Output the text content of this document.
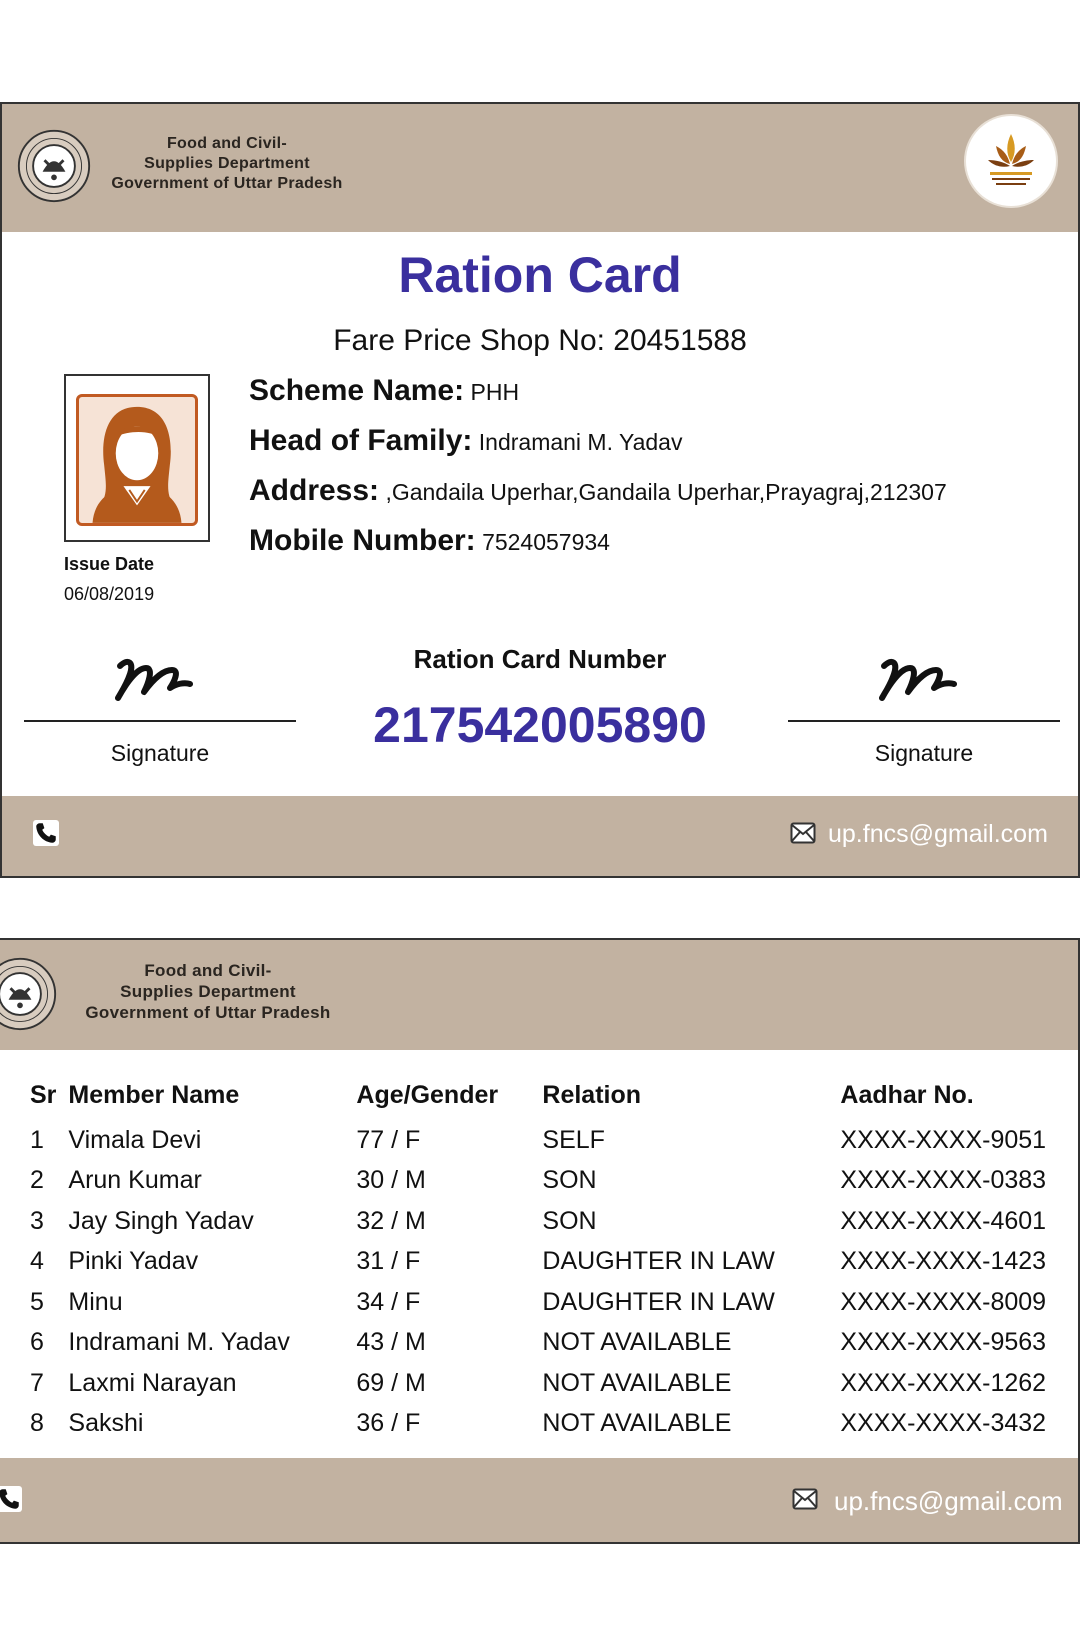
Food and Civil-
Supplies Department
Government of Uttar Pradesh
Ration Card
Fare Price Shop No: 20451588
Issue Date
06/08/2019
Scheme Name: PHH
Head of Family: Indramani M. Yadav
Address: ,Gandaila Uperhar,Gandaila Uperhar,Prayagraj,212307
Mobile Number: 7524057934
Signature
Ration Card Number
217542005890	Signature
up.fncs@gmail.com
Food and Civil-
Supplies Department
Government of Uttar Pradesh
Sr	Member Name	Age/Gender	Relation	Aadhar No.
1	Vimala Devi	77 / F	SELF	XXXX-XXXX-9051
2	Arun Kumar	30 / M	SON	XXXX-XXXX-0383
3	Jay Singh Yadav	32 / M	SON	XXXX-XXXX-4601
4	Pinki Yadav	31 / F	DAUGHTER IN LAW	XXXX-XXXX-1423
5	Minu	34 / F	DAUGHTER IN LAW	XXXX-XXXX-8009
6	Indramani M. Yadav	43 / M	NOT AVAILABLE	XXXX-XXXX-9563
7	Laxmi Narayan	69 / M	NOT AVAILABLE	XXXX-XXXX-1262
8	Sakshi	36 / F	NOT AVAILABLE	XXXX-XXXX-3432
up.fncs@gmail.com
